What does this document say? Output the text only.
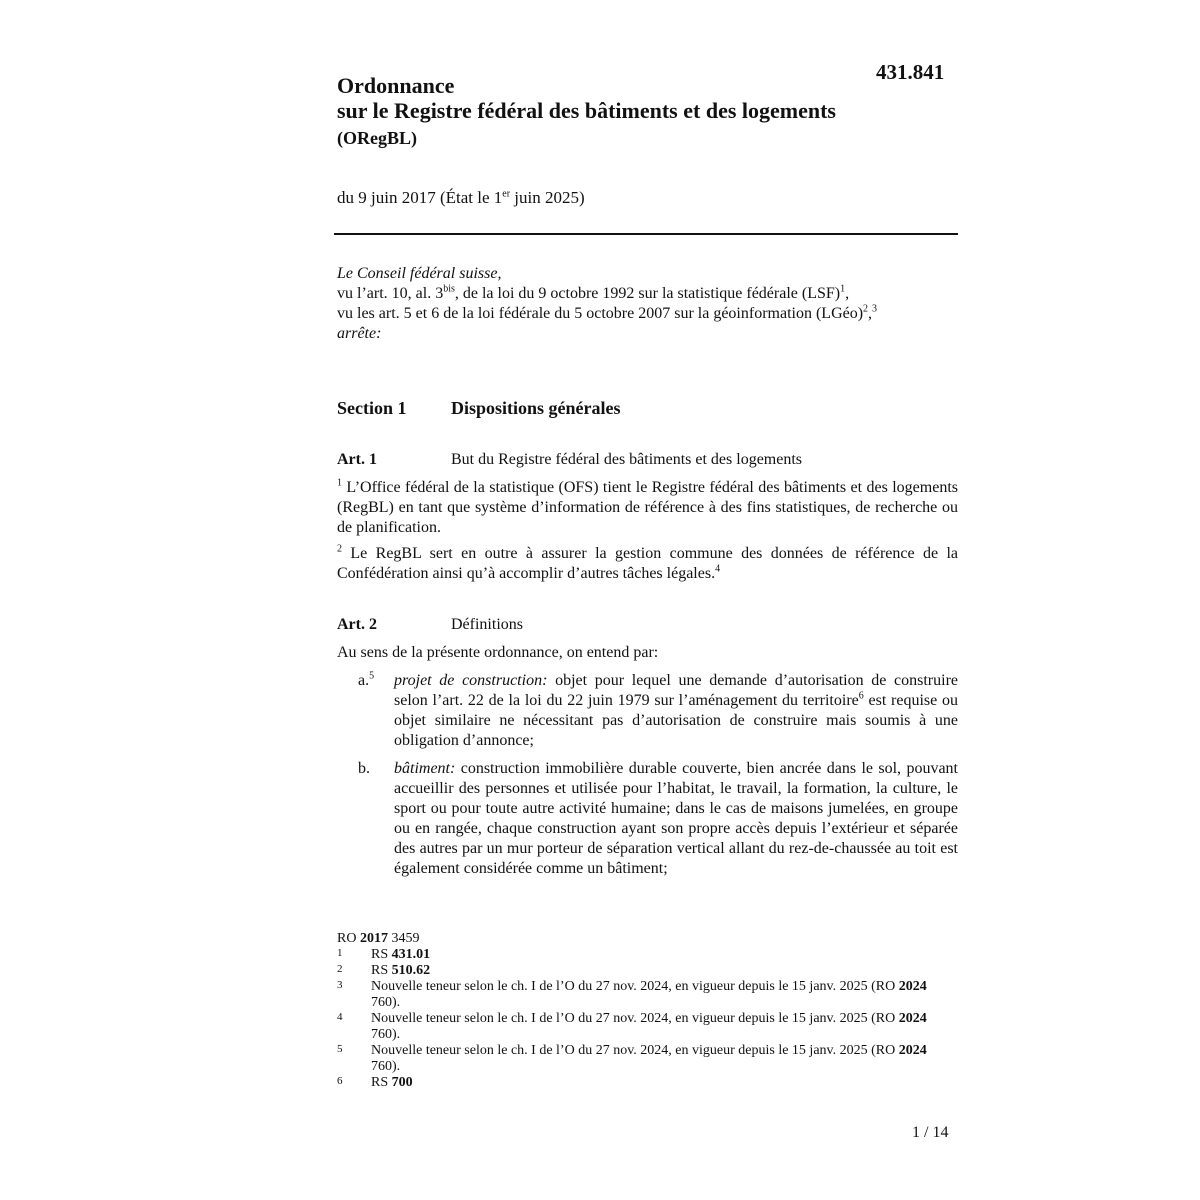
431.841
Ordonnance
sur le Registre fédéral des bâtiments et des logements
(ORegBL)
du 9 juin 2017 (État le 1er juin 2025)
Le Conseil fédéral suisse,
vu l’art. 10, al. $3^{bis}$, de la loi du 9 octobre 1992 sur la statistique fédérale (LSF)$^1$,
vu les art. 5 et 6 de la loi fédérale du 5 octobre 2007 sur la géoinformation (LGéo)$^2$,$^3$
arrête:
Section 1 Dispositions générales
Art. 1	But du Registre fédéral des bâtiments et des logements
$^1$ L’Office fédéral de la statistique (OFS) tient le Registre fédéral des bâtiments et des logements (RegBL) en tant que système d’information de référence à des fins statistiques, de recherche ou de planification.
$^2$ Le RegBL sert en outre à assurer la gestion commune des données de référence de la Confédération ainsi qu’à accomplir d’autres tâches légales.$^4$
Art. 2	Définitions
Au sens de la présente ordonnance, on entend par:
a.$^5$ projet de construction: objet pour lequel une demande d’autorisation de construire selon l’art. 22 de la loi du 22 juin 1979 sur l’aménagement du territoire$^6$ est requise ou objet similaire ne nécessitant pas d’autorisation de construire mais soumis à une obligation d’annonce;
b. bâtiment: construction immobilière durable couverte, bien ancrée dans le sol, pouvant accueillir des personnes et utilisée pour l’habitat, le travail, la formation, la culture, le sport ou pour toute autre activité humaine; dans le cas de maisons jumelées, en groupe ou en rangée, chaque construction ayant son propre accès depuis l’extérieur et séparée des autres par un mur porteur de séparation vertical allant du rez-de-chaussée au toit est également considérée comme un bâtiment;
RO 2017 3459
1 RS 431.01
2 RS 510.62
3 Nouvelle teneur selon le ch. I de l’O du 27 nov. 2024, en vigueur depuis le 15 janv. 2025 (RO 2024 760).
4 Nouvelle teneur selon le ch. I de l’O du 27 nov. 2024, en vigueur depuis le 15 janv. 2025 (RO 2024 760).
5 Nouvelle teneur selon le ch. I de l’O du 27 nov. 2024, en vigueur depuis le 15 janv. 2025 (RO 2024 760).
6 RS 700
1 / 14
